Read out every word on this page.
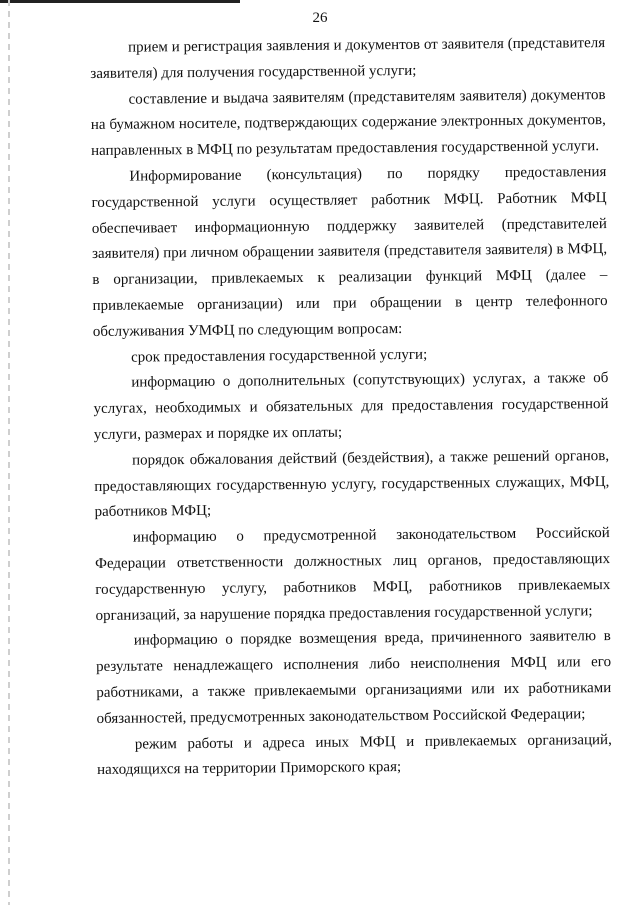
26

прием и регистрация заявления и документов от заявителя (представителя заявителя) для получения государственной услуги;

составление и выдача заявителям (представителям заявителя) документов на бумажном носителе, подтверждающих содержание электронных документов, направленных в МФЦ по результатам предоставления государственной услуги.

Информирование (консультация) по порядку предоставления государственной услуги осуществляет работник МФЦ. Работник МФЦ обеспечивает информационную поддержку заявителей (представителей заявителя) при личном обращении заявителя (представителя заявителя) в МФЦ, в организации, привлекаемых к реализации функций МФЦ (далее – привлекаемые организации) или при обращении в центр телефонного обслуживания УМФЦ по следующим вопросам:

срок предоставления государственной услуги;

информацию о дополнительных (сопутствующих) услугах, а также об услугах, необходимых и обязательных для предоставления государственной услуги, размерах и порядке их оплаты;

порядок обжалования действий (бездействия), а также решений органов, предоставляющих государственную услугу, государственных служащих, МФЦ, работников МФЦ;

информацию о предусмотренной законодательством Российской Федерации ответственности должностных лиц органов, предоставляющих государственную услугу, работников МФЦ, работников привлекаемых организаций, за нарушение порядка предоставления государственной услуги;

информацию о порядке возмещения вреда, причиненного заявителю в результате ненадлежащего исполнения либо неисполнения МФЦ или его работниками, а также привлекаемыми организациями или их работниками обязанностей, предусмотренных законодательством Российской Федерации;

режим работы и адреса иных МФЦ и привлекаемых организаций, находящихся на территории Приморского края;
